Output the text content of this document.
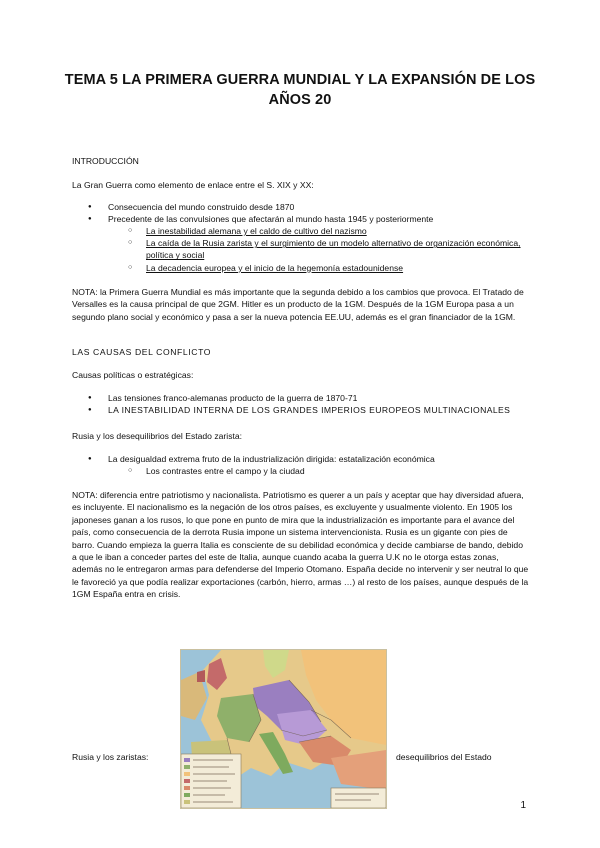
TEMA 5 LA PRIMERA GUERRA MUNDIAL Y LA EXPANSIÓN DE LOS AÑOS 20
INTRODUCCIÓN
La Gran Guerra como elemento de enlace entre el S. XIX y XX:
● Consecuencia del mundo construido desde 1870
● Precedente de las convulsiones que afectarán al mundo hasta 1945 y posteriormente
○ La inestabilidad alemana y el caldo de cultivo del nazismo
○ La caída de la Rusia zarista y el surgimiento de un modelo alternativo de organización económica, política y social
○ La decadencia europea y el inicio de la hegemonía estadounidense
NOTA: la Primera Guerra Mundial es más importante que la segunda debido a los cambios que provoca. El Tratado de Versalles es la causa principal de que 2GM. Hitler es un producto de la 1GM. Después de la 1GM Europa pasa a un segundo plano social y económico y pasa a ser la nueva potencia EE.UU, además es el gran financiador de la 1GM.
LAS CAUSAS DEL CONFLICTO
Causas políticas o estratégicas:
● Las tensiones franco-alemanas producto de la guerra de 1870-71
● LA INESTABILIDAD INTERNA DE LOS GRANDES IMPERIOS EUROPEOS MULTINACIONALES
Rusia y los desequilibrios del Estado zarista:
● La desigualdad extrema fruto de la industrialización dirigida: estatalización económica
○ Los contrastes entre el campo y la ciudad
NOTA: diferencia entre patriotismo y nacionalista. Patriotismo es querer a un país y aceptar que hay diversidad afuera, es incluyente. El nacionalismo es la negación de los otros países, es excluyente y usualmente violento. En 1905 los japoneses ganan a los rusos, lo que pone en punto de mira que la industrialización es importante para el avance del país, como consecuencia de la derrota Rusia impone un sistema intervencionista. Rusia es un gigante con pies de barro. Cuando empieza la guerra Italia es consciente de su debilidad económica y decide cambiarse de bando, debido a que le iban a conceder partes del este de Italia, aunque cuando acaba la guerra U.K no le otorga estas zonas, además no le entregaron armas para defenderse del Imperio Otomano. España decide no intervenir y ser neutral lo que le favoreció ya que podía realizar exportaciones (carbón, hierro, armas …) al resto de los países, aunque después de la 1GM España entra en crisis.
Rusia y los zaristas:	desequilibrios del Estado
1
